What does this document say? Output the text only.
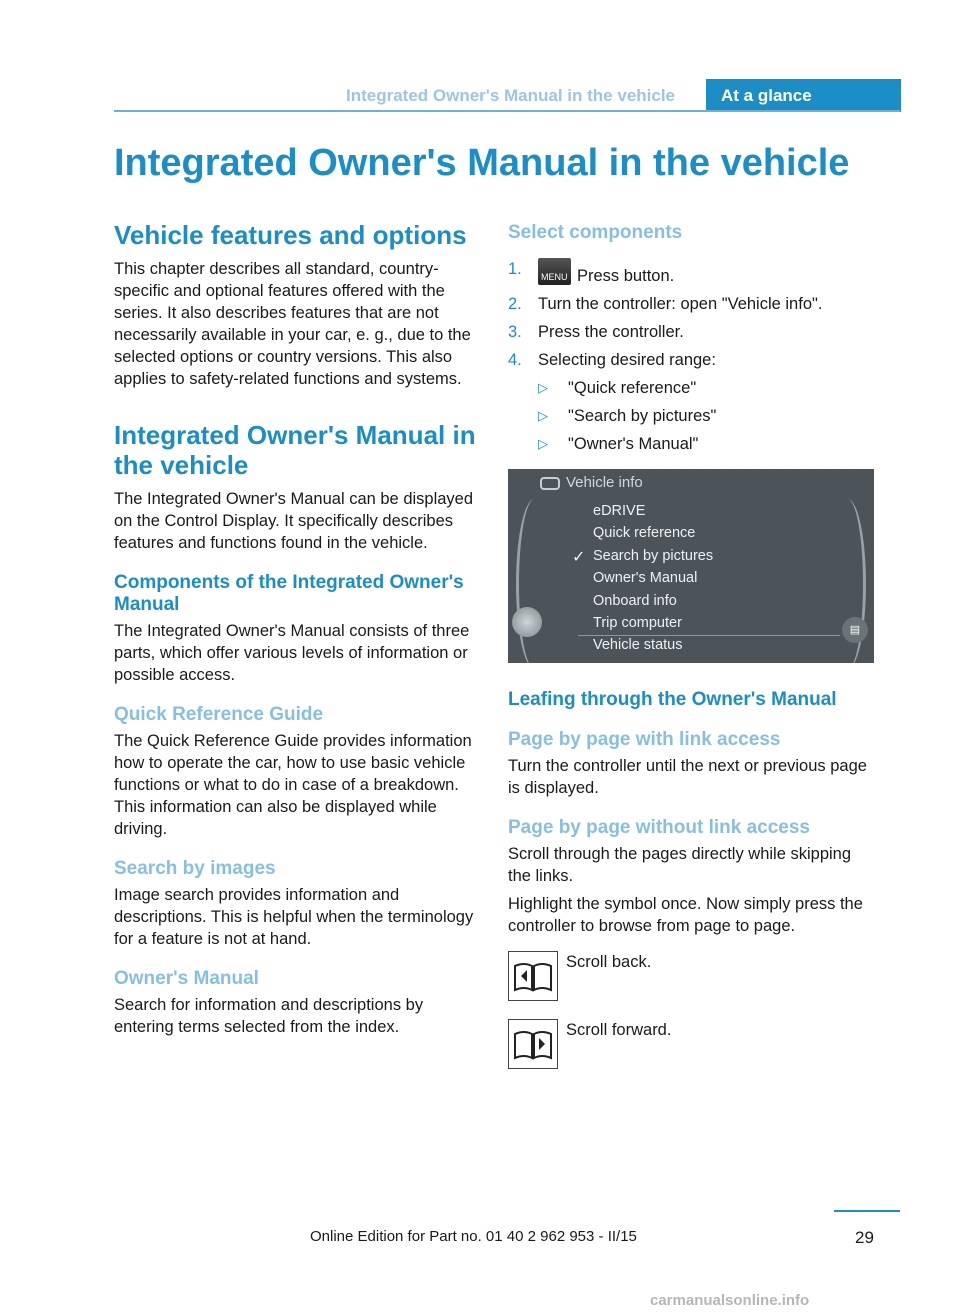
Integrated Owner's Manual in the vehicle	At a glance
Integrated Owner's Manual in the vehicle
Vehicle features and options

This chapter describes all standard, country-specific and optional features offered with the series. It also describes features that are not necessarily available in your car, e. g., due to the selected options or country versions. This also applies to safety-related functions and systems.

Integrated Owner's Manual in the vehicle

The Integrated Owner's Manual can be displayed on the Control Display. It specifically describes features and functions found in the vehicle.

Components of the Integrated Owner's Manual

The Integrated Owner's Manual consists of three parts, which offer various levels of information or possible access.

Quick Reference Guide

The Quick Reference Guide provides information how to operate the car, how to use basic vehicle functions or what to do in case of a breakdown. This information can also be displayed while driving.

Search by images

Image search provides information and descriptions. This is helpful when the terminology for a feature is not at hand.

Owner's Manual

Search for information and descriptions by entering terms selected from the index.

Select components
1. MENU Press button.
2. Turn the controller: open "Vehicle info".
3. Press the controller.
4. Selecting desired range:
▷ "Quick reference"
▷ "Search by pictures"
▷ "Owner's Manual"
Vehicle info
eDRIVE
Quick reference
✓ Search by pictures
Owner's Manual
Onboard info
Trip computer
Vehicle status
▤
Leafing through the Owner's Manual
Page by page with link access

Turn the controller until the next or previous page is displayed.

Page by page without link access

Scroll through the pages directly while skipping the links.

Highlight the symbol once. Now simply press the controller to browse from page to page.

Scroll back.
Scroll forward.
Online Edition for Part no. 01 40 2 962 953 - II/15	29
carmanualsonline.info
